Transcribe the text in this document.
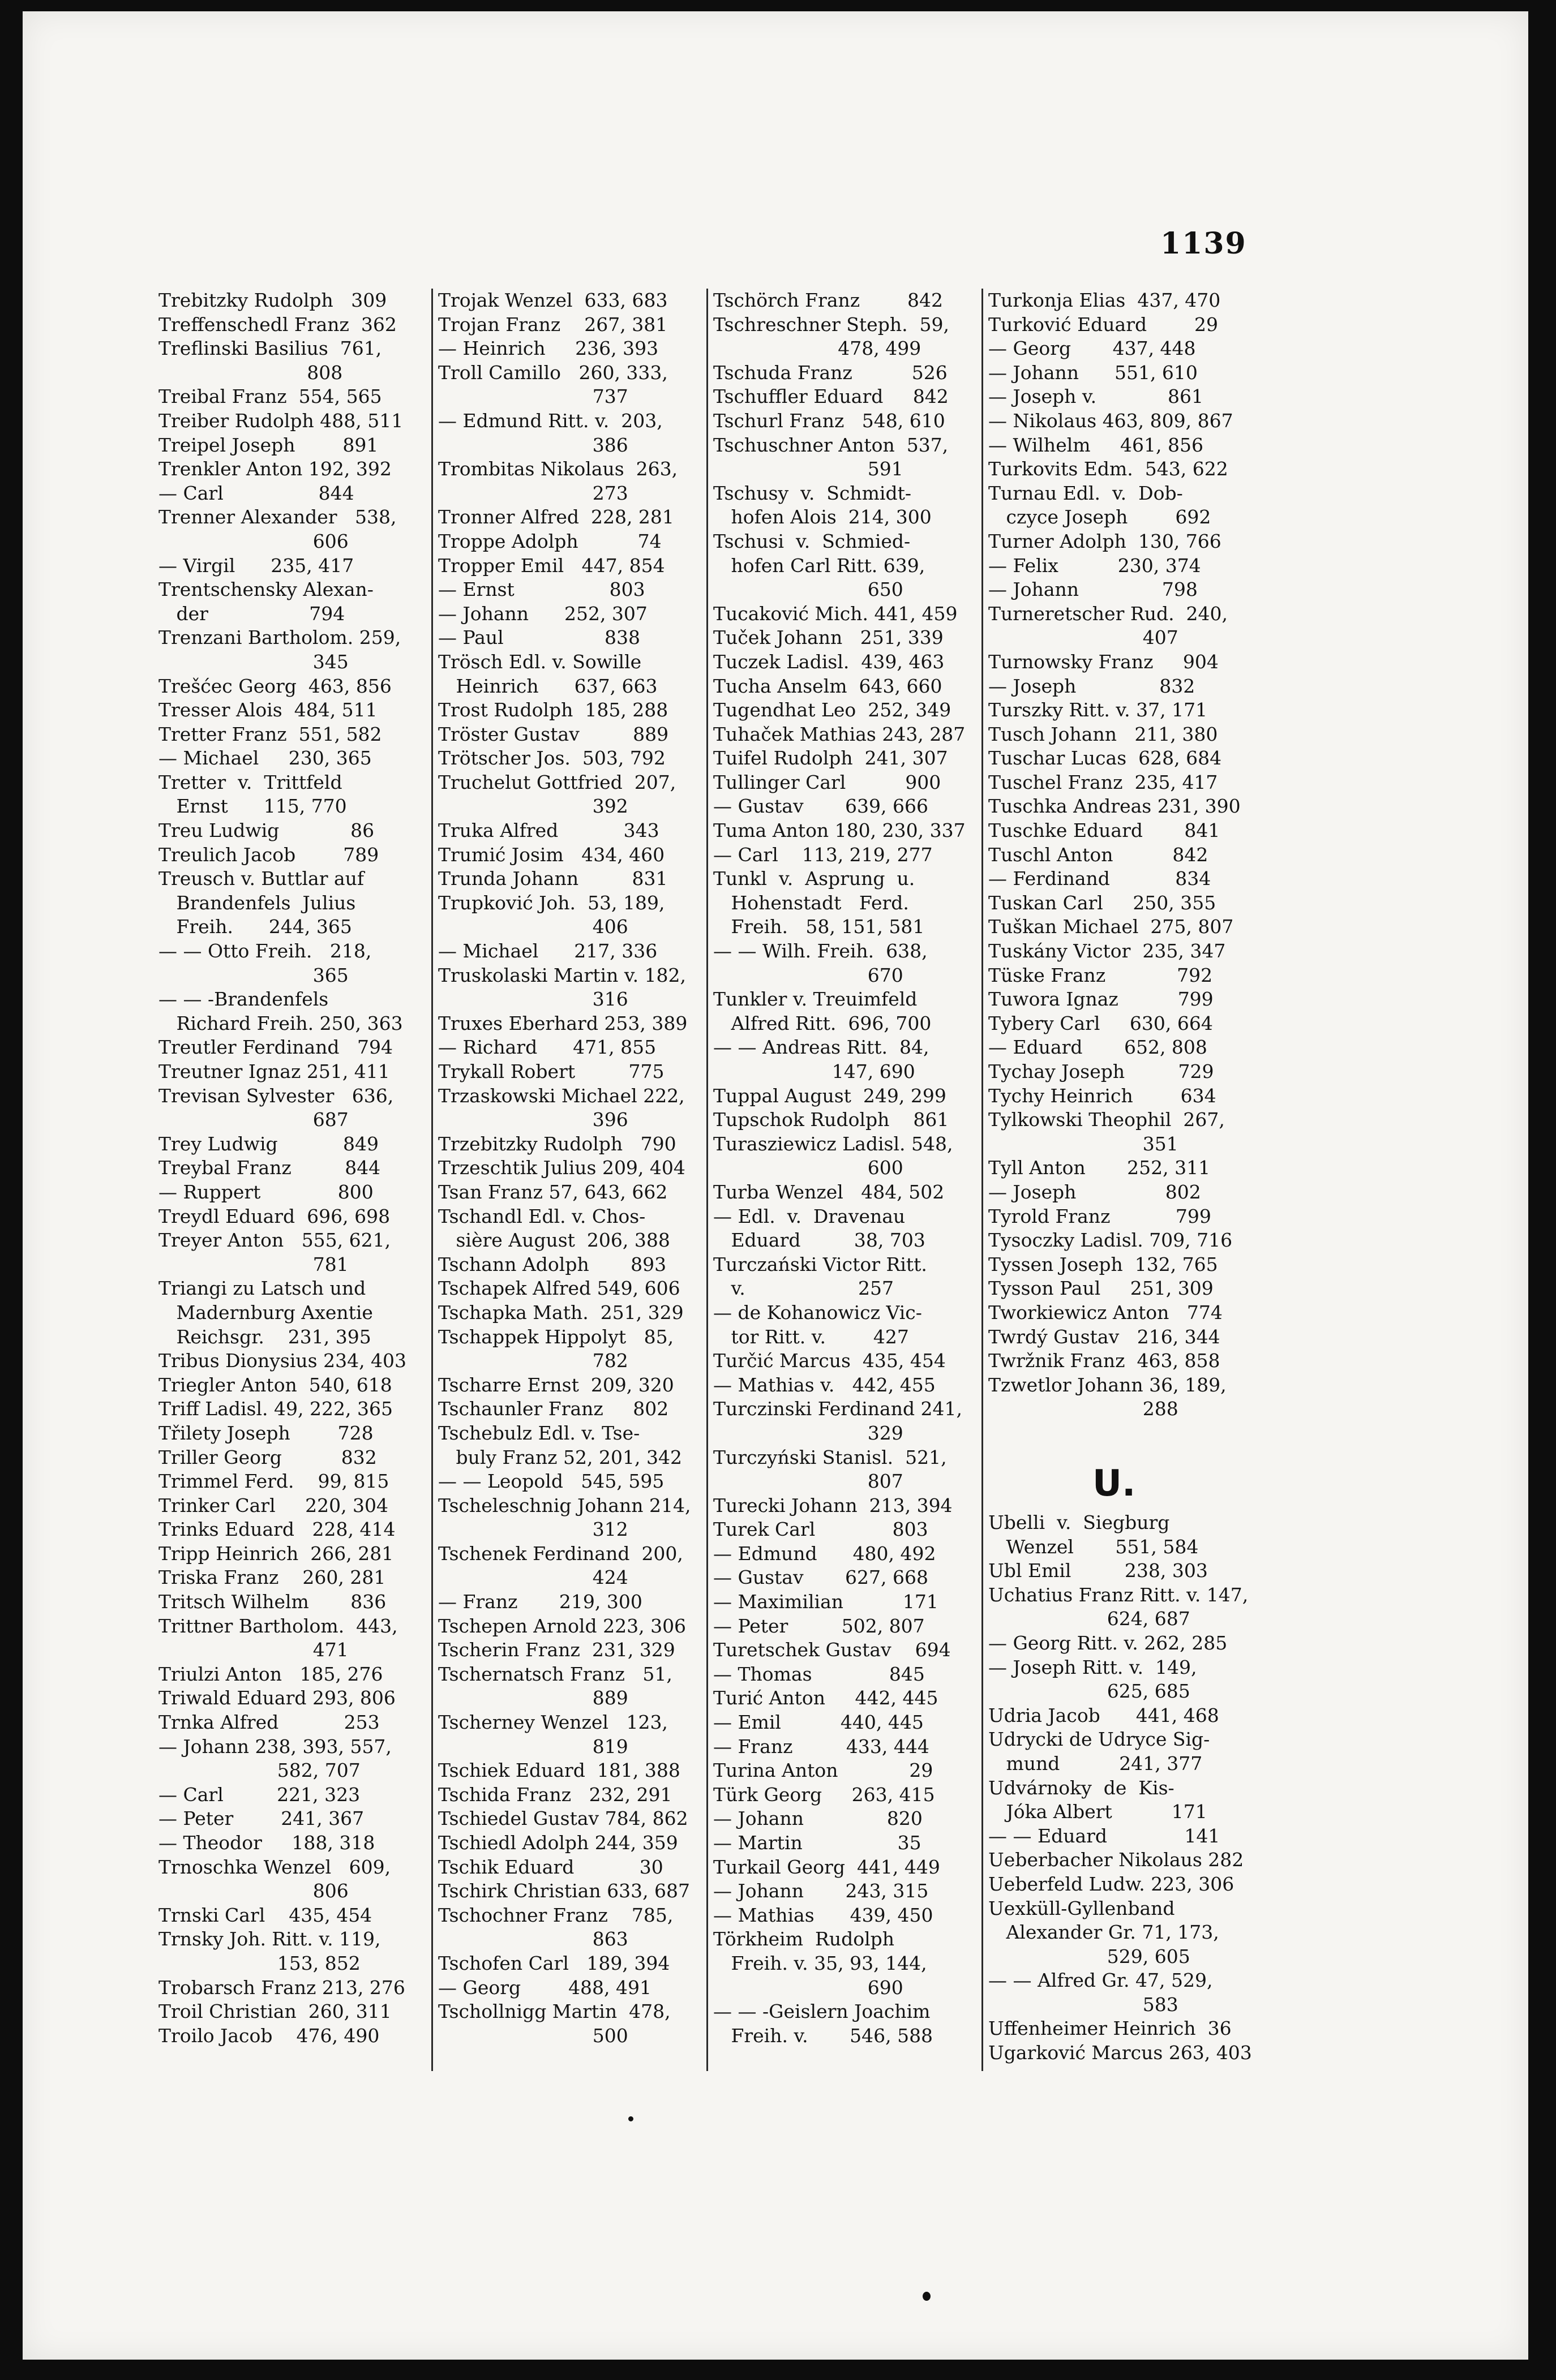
1139
Trebitzky Rudolph   309
Treffenschedl Franz  362
Treflinski Basilius  761,
808
Treibal Franz  554, 565
Treiber Rudolph 488, 511
Treipel Joseph        891
Trenkler Anton 192, 392
— Carl                844
Trenner Alexander   538,
606
— Virgil      235, 417
Trentschensky Alexan-
der                 794
Trenzani Bartholom. 259,
345
Trešćec Georg  463, 856
Tresser Alois  484, 511
Tretter Franz  551, 582
— Michael     230, 365
Tretter  v.  Trittfeld
Ernst      115, 770
Treu Ludwig            86
Treulich Jacob        789
Treusch v. Buttlar auf
Brandenfels  Julius
Freih.      244, 365
— — Otto Freih.   218,
365
— — -Brandenfels
Richard Freih. 250, 363
Treutler Ferdinand   794
Treutner Ignaz 251, 411
Trevisan Sylvester   636,
687
Trey Ludwig           849
Treybal Franz         844
— Ruppert             800
Treydl Eduard  696, 698
Treyer Anton   555, 621,
781
Triangi zu Latsch und
Madernburg Axentie
Reichsgr.    231, 395
Tribus Dionysius 234, 403
Triegler Anton  540, 618
Triff Ladisl. 49, 222, 365
Třilety Joseph        728
Triller Georg          832
Trimmel Ferd.    99, 815
Trinker Carl     220, 304
Trinks Eduard   228, 414
Tripp Heinrich  266, 281
Triska Franz    260, 281
Tritsch Wilhelm       836
Trittner Bartholom.  443,
471
Triulzi Anton   185, 276
Triwald Eduard 293, 806
Trnka Alfred           253
— Johann 238, 393, 557,
582, 707
— Carl         221, 323
— Peter        241, 367
— Theodor     188, 318
Trnoschka Wenzel   609,
806
Trnski Carl    435, 454
Trnsky Joh. Ritt. v. 119,
153, 852
Trobarsch Franz 213, 276
Troil Christian  260, 311
Troilo Jacob    476, 490
Trojak Wenzel  633, 683
Trojan Franz    267, 381
— Heinrich     236, 393
Troll Camillo   260, 333,
737
— Edmund Ritt. v.  203,
386
Trombitas Nikolaus  263,
273
Tronner Alfred  228, 281
Troppe Adolph          74
Tropper Emil   447, 854
— Ernst                803
— Johann      252, 307
— Paul                 838
Trösch Edl. v. Sowille
Heinrich      637, 663
Trost Rudolph  185, 288
Tröster Gustav         889
Trötscher Jos.  503, 792
Truchelut Gottfried  207,
392
Truka Alfred           343
Trumić Josim   434, 460
Trunda Johann         831
Trupković Joh.  53, 189,
406
— Michael      217, 336
Truskolaski Martin v. 182,
316
Truxes Eberhard 253, 389
— Richard      471, 855
Trykall Robert         775
Trzaskowski Michael 222,
396
Trzebitzky Rudolph   790
Trzeschtik Julius 209, 404
Tsan Franz 57, 643, 662
Tschandl Edl. v. Chos-
sière August  206, 388
Tschann Adolph       893
Tschapek Alfred 549, 606
Tschapka Math.  251, 329
Tschappek Hippolyt   85,
782
Tscharre Ernst  209, 320
Tschaunler Franz     802
Tschebulz Edl. v. Tse-
buly Franz 52, 201, 342
— — Leopold   545, 595
Tscheleschnig Johann 214,
312
Tschenek Ferdinand  200,
424
— Franz       219, 300
Tschepen Arnold 223, 306
Tscherin Franz  231, 329
Tschernatsch Franz   51,
889
Tscherney Wenzel   123,
819
Tschiek Eduard  181, 388
Tschida Franz   232, 291
Tschiedel Gustav 784, 862
Tschiedl Adolph 244, 359
Tschik Eduard           30
Tschirk Christian 633, 687
Tschochner Franz    785,
863
Tschofen Carl   189, 394
— Georg        488, 491
Tschollnigg Martin  478,
500
Tschörch Franz        842
Tschreschner Steph.  59,
478, 499
Tschuda Franz          526
Tschuffler Eduard     842
Tschurl Franz   548, 610
Tschuschner Anton  537,
591
Tschusy  v.  Schmidt-
hofen Alois  214, 300
Tschusi  v.  Schmied-
hofen Carl Ritt. 639,
650
Tucaković Mich. 441, 459
Tuček Johann   251, 339
Tuczek Ladisl.  439, 463
Tucha Anselm  643, 660
Tugendhat Leo  252, 349
Tuhaček Mathias 243, 287
Tuifel Rudolph  241, 307
Tullinger Carl          900
— Gustav       639, 666
Tuma Anton 180, 230, 337
— Carl    113, 219, 277
Tunkl  v.  Asprung  u.
Hohenstadt   Ferd.
Freih.   58, 151, 581
— — Wilh. Freih.  638,
670
Tunkler v. Treuimfeld
Alfred Ritt.  696, 700
— — Andreas Ritt.  84,
147, 690
Tuppal August  249, 299
Tupschok Rudolph    861
Turasziewicz Ladisl. 548,
600
Turba Wenzel   484, 502
— Edl.  v.  Dravenau
Eduard         38, 703
Turczański Victor Ritt.
v.                   257
— de Kohanowicz Vic-
tor Ritt. v.        427
Turčić Marcus  435, 454
— Mathias v.   442, 455
Turczinski Ferdinand 241,
329
Turczyński Stanisl.  521,
807
Turecki Johann  213, 394
Turek Carl             803
— Edmund      480, 492
— Gustav       627, 668
— Maximilian          171
— Peter         502, 807
Turetschek Gustav    694
— Thomas             845
Turić Anton     442, 445
— Emil          440, 445
— Franz         433, 444
Turina Anton            29
Türk Georg     263, 415
— Johann              820
— Martin                35
Turkail Georg  441, 449
— Johann       243, 315
— Mathias      439, 450
Törkheim  Rudolph
Freih. v. 35, 93, 144,
690
— — -Geislern Joachim
Freih. v.       546, 588
Turkonja Elias  437, 470
Turković Eduard        29
— Georg       437, 448
— Johann      551, 610
— Joseph v.            861
— Nikolaus 463, 809, 867
— Wilhelm     461, 856
Turkovits Edm.  543, 622
Turnau Edl.  v.  Dob-
czyce Joseph        692
Turner Adolph  130, 766
— Felix          230, 374
— Johann              798
Turneretscher Rud.  240,
407
Turnowsky Franz     904
— Joseph              832
Turszky Ritt. v. 37, 171
Tusch Johann   211, 380
Tuschar Lucas  628, 684
Tuschel Franz  235, 417
Tuschka Andreas 231, 390
Tuschke Eduard       841
Tuschl Anton          842
— Ferdinand           834
Tuskan Carl     250, 355
Tuškan Michael  275, 807
Tuskány Victor  235, 347
Tüske Franz            792
Tuwora Ignaz          799
Tybery Carl     630, 664
— Eduard       652, 808
Tychay Joseph         729
Tychy Heinrich        634
Tylkowski Theophil  267,
351
Tyll Anton       252, 311
— Joseph               802
Tyrold Franz           799
Tysoczky Ladisl. 709, 716
Tyssen Joseph  132, 765
Tysson Paul     251, 309
Tworkiewicz Anton   774
Twrdý Gustav   216, 344
Twržnik Franz  463, 858
Tzwetlor Johann 36, 189,
288
U.
Ubelli  v.  Siegburg
Wenzel       551, 584
Ubl Emil         238, 303
Uchatius Franz Ritt. v. 147,
624, 687
— Georg Ritt. v. 262, 285
— Joseph Ritt. v.  149,
625, 685
Udria Jacob      441, 468
Udrycki de Udryce Sig-
mund          241, 377
Udvárnoky  de  Kis-
Jóka Albert          171
— — Eduard             141
Ueberbacher Nikolaus 282
Ueberfeld Ludw. 223, 306
Uexküll-Gyllenband
Alexander Gr. 71, 173,
529, 605
— — Alfred Gr. 47, 529,
583
Uffenheimer Heinrich  36
Ugarković Marcus 263, 403
